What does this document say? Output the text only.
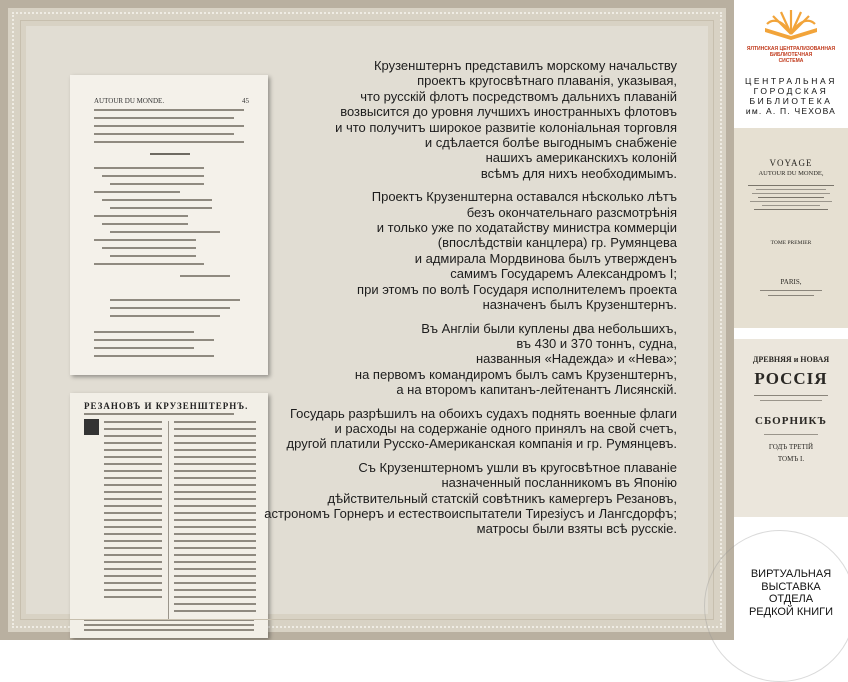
AUTOUR DU MONDE.	45
РЕЗАНОВЪ И КРУЗЕНШТЕРНЪ.
Крузенштернъ представилъ морскому начальству
проектъ кругосвѣтнаго плаванія, указывая,
что русскій флотъ посредствомъ дальнихъ плаваній
возвысится до уровня лучшихъ иностранныхъ флотовъ
и что получитъ широкое развитіе колоніальная торговля
и сдѣлается болѣе выгоднымъ снабженіе
нашихъ американскихъ колоній
всѣмъ для нихъ необходимымъ.
Проектъ Крузенштерна оставался нѣсколько лѣтъ
безъ окончательнаго разсмотрѣнія
и только уже по ходатайству министра коммерціи
(впослѣдствіи канцлера) гр. Румянцева
и адмирала Мордвинова былъ утвержденъ
самимъ Государемъ Александромъ I;
при этомъ по волѣ Государя исполнителемъ проекта
назначенъ былъ Крузенштернъ.
Въ Англіи были куплены два небольшихъ,
въ 430 и 370 тоннъ, судна,
названныя «Надежда» и «Нева»;
на первомъ командиромъ былъ самъ Крузенштернъ,
а на второмъ капитанъ-лейтенантъ Лисянскій.
Государь разрѣшилъ на обоихъ судахъ поднять военные флаги
и расходы на содержаніе одного принялъ на свой счетъ,
другой платили Русско-Американская компанія и гр. Румянцевъ.
Съ Крузенштерномъ ушли въ кругосвѣтное плаваніе
назначенный посланникомъ въ Японію
дѣйствительный статскій совѣтникъ камергеръ Резановъ,
астрономъ Горнеръ и естествоиспытатели Тирезіусъ и Лангсдорфъ;
матросы были взяты всѣ русскіе.
ЯЛТИНСКАЯ ЦЕНТРАЛИЗОВАННАЯ
БИБЛИОТЕЧНАЯ
СИСТЕМА
ЦЕНТРАЛЬНАЯ
ГОРОДСКАЯ
БИБЛИОТЕКА
им. А. П. ЧЕХОВА
VOYAGE
AUTOUR DU MONDE,
TOME PREMIER
PARIS,
ДРЕВНЯЯ и НОВАЯ
РОССІЯ
СБОРНИКЪ
ГОДЪ ТРЕТІЙ
ТОМЪ I.
ВИРТУАЛЬНАЯ
ВЫСТАВКА
ОТДЕЛА
РЕДКОЙ КНИГИ
